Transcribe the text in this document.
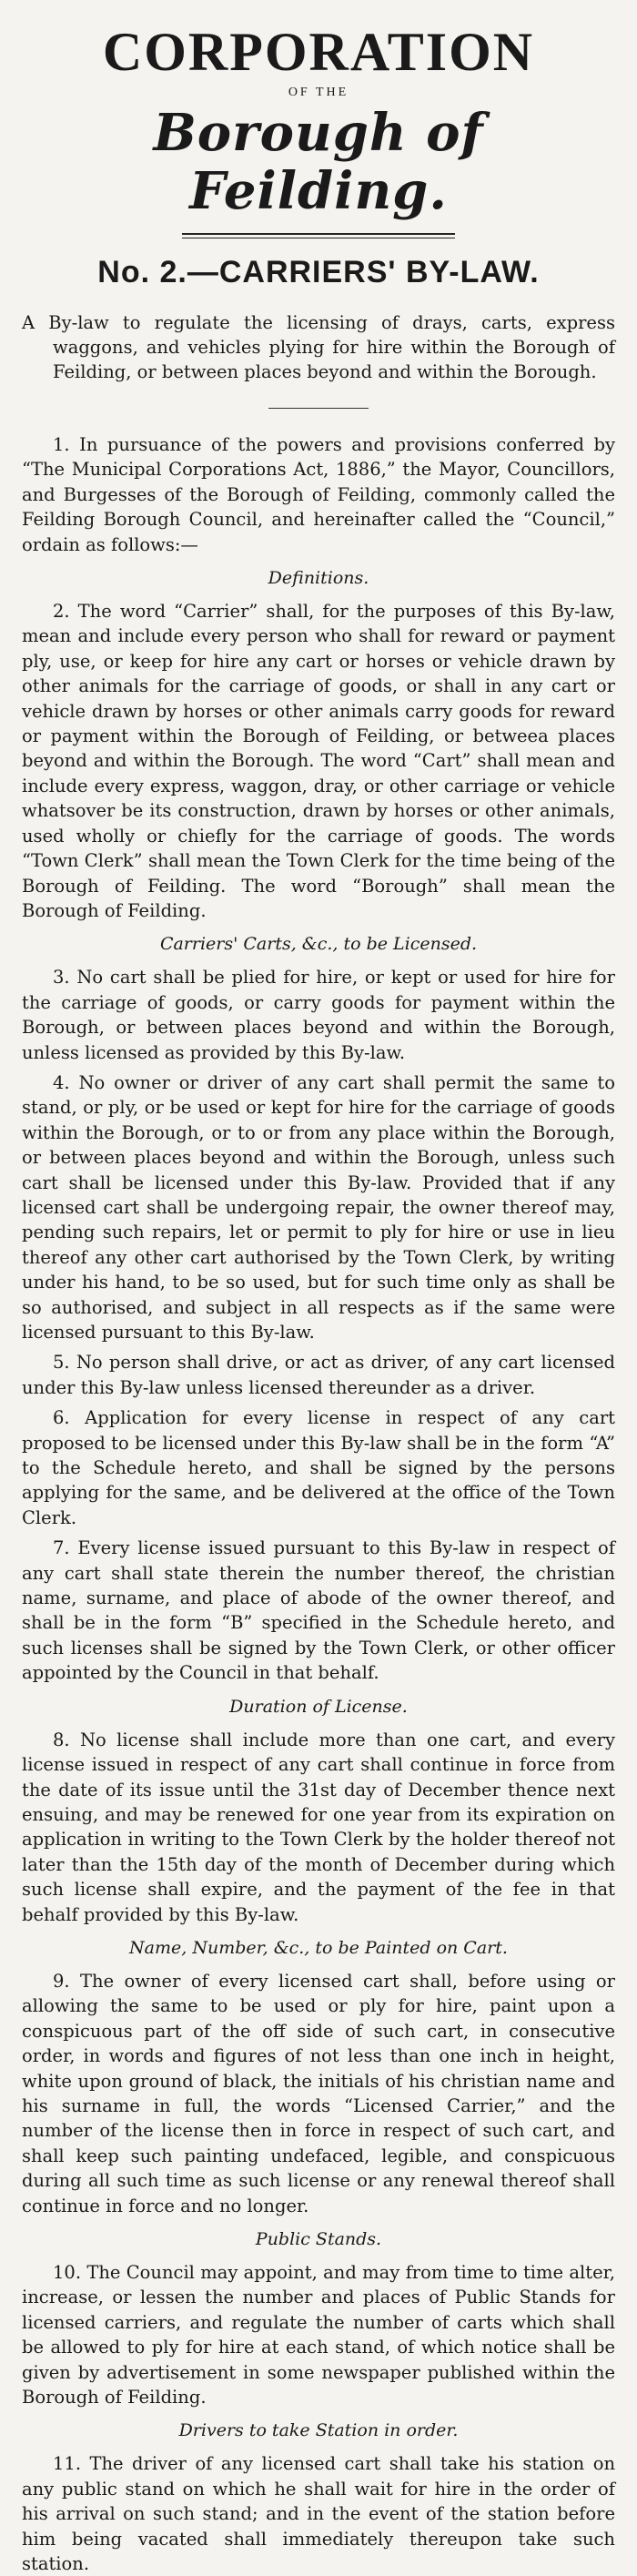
CORPORATION
OF THE
Borough of Feilding.
No. 2.—CARRIERS' BY-LAW.

A By-law to regulate the licensing of drays, carts, express waggons, and vehicles plying for hire within the Borough of Feilding, or between places beyond and within the Borough.

1. In pursuance of the powers and provisions conferred by “The Municipal Corporations Act, 1886,” the Mayor, Councillors, and Burgesses of the Borough of Feilding, commonly called the Feilding Borough Council, and hereinafter called the “Council,” ordain as follows:—

Definitions.

2. The word “Carrier” shall, for the purposes of this By-law, mean and include every person who shall for reward or payment ply, use, or keep for hire any cart or horses or vehicle drawn by other animals for the carriage of goods, or shall in any cart or vehicle drawn by horses or other animals carry goods for reward or payment within the Borough of Feilding, or betweea places beyond and within the Borough. The word “Cart” shall mean and include every express, waggon, dray, or other carriage or vehicle whatsover be its construction, drawn by horses or other animals, used wholly or chiefly for the carriage of goods. The words “Town Clerk” shall mean the Town Clerk for the time being of the Borough of Feilding. The word “Borough” shall mean the Borough of Feilding.

Carriers' Carts, &c., to be Licensed.

3. No cart shall be plied for hire, or kept or used for hire for the carriage of goods, or carry goods for payment within the Borough, or between places beyond and within the Borough, unless licensed as provided by this By-law.

4. No owner or driver of any cart shall permit the same to stand, or ply, or be used or kept for hire for the carriage of goods within the Borough, or to or from any place within the Borough, or between places beyond and within the Borough, unless such cart shall be licensed under this By-law. Provided that if any licensed cart shall be undergoing repair, the owner thereof may, pending such repairs, let or permit to ply for hire or use in lieu thereof any other cart authorised by the Town Clerk, by writing under his hand, to be so used, but for such time only as shall be so authorised, and subject in all respects as if the same were licensed pursuant to this By-law.

5. No person shall drive, or act as driver, of any cart licensed under this By-law unless licensed thereunder as a driver.

6. Application for every license in respect of any cart proposed to be licensed under this By-law shall be in the form “A” to the Schedule hereto, and shall be signed by the persons applying for the same, and be delivered at the office of the Town Clerk.

7. Every license issued pursuant to this By-law in respect of any cart shall state therein the number thereof, the christian name, surname, and place of abode of the owner thereof, and shall be in the form “B” specified in the Schedule hereto, and such licenses shall be signed by the Town Clerk, or other officer appointed by the Council in that behalf.

Duration of License.

8. No license shall include more than one cart, and every license issued in respect of any cart shall continue in force from the date of its issue until the 31st day of December thence next ensuing, and may be renewed for one year from its expiration on application in writing to the Town Clerk by the holder thereof not later than the 15th day of the month of December during which such license shall expire, and the payment of the fee in that behalf provided by this By-law.

Name, Number, &c., to be Painted on Cart.

9. The owner of every licensed cart shall, before using or allowing the same to be used or ply for hire, paint upon a conspicuous part of the off side of such cart, in consecutive order, in words and figures of not less than one inch in height, white upon ground of black, the initials of his christian name and his surname in full, the words “Licensed Carrier,” and the number of the license then in force in respect of such cart, and shall keep such painting undefaced, legible, and conspicuous during all such time as such license or any renewal thereof shall continue in force and no longer.

Public Stands.

10. The Council may appoint, and may from time to time alter, increase, or lessen the number and places of Public Stands for licensed carriers, and regulate the number of carts which shall be allowed to ply for hire at each stand, of which notice shall be given by advertisement in some newspaper published within the Borough of Feilding.

Drivers to take Station in order.

11. The driver of any licensed cart shall take his station on any public stand on which he shall wait for hire in the order of his arrival on such stand; and in the event of the station before him being vacated shall immediately thereupon take such station.
